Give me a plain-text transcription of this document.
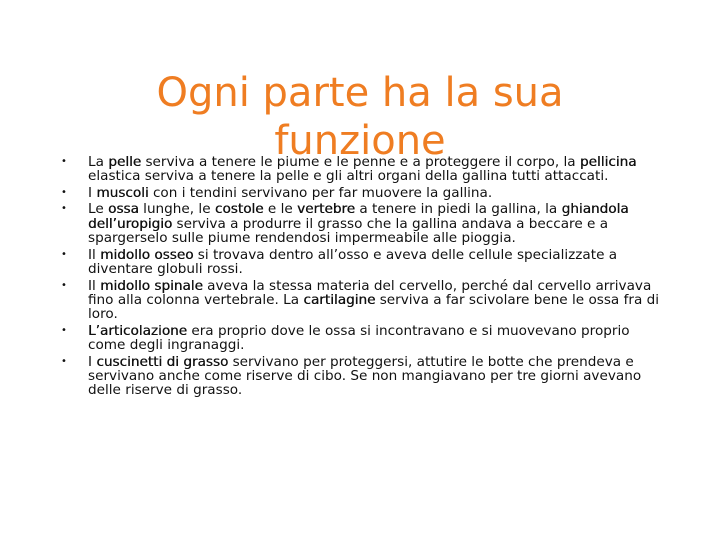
Ogni parte ha la sua
funzione
• La pelle serviva a tenere le piume e le penne e a proteggere il corpo, la pellicina elastica serviva a tenere la pelle e gli altri organi della gallina tutti attaccati.
• I muscoli con i tendini servivano per far muovere la gallina.
• Le ossa lunghe, le costole e le vertebre a tenere in piedi la gallina, la ghiandola dell’uropigio serviva a produrre il grasso che la gallina andava a beccare e a spargerselo sulle piume rendendosi impermeabile alle pioggia.
• Il midollo osseo si trovava dentro all’osso e aveva delle cellule specializzate a diventare globuli rossi.
• Il midollo spinale aveva la stessa materia del cervello, perché dal cervello arrivava fino alla colonna vertebrale. La cartilagine serviva a far scivolare bene le ossa fra di loro.
• L’articolazione era proprio dove le ossa si incontravano e si muovevano proprio come degli ingranaggi.
• I cuscinetti di grasso servivano per proteggersi, attutire le botte che prendeva e servivano anche come riserve di cibo. Se non mangiavano per tre giorni avevano delle riserve di grasso.
